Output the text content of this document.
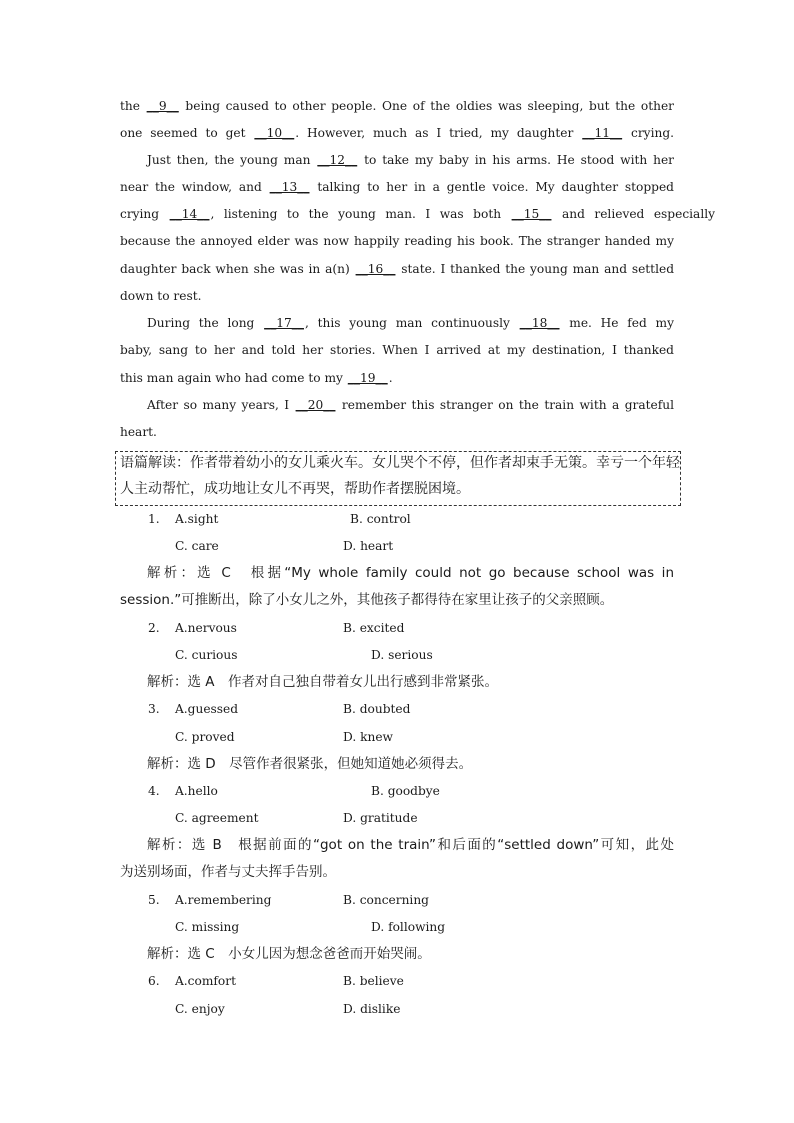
the __9__ being caused to other people. One of the oldies was sleeping, but the other
one seemed to get __10__. However, much as I tried, my daughter __11__ crying.
Just then, the young man __12__ to take my baby in his arms. He stood with her
near the window, and __13__ talking to her in a gentle voice. My daughter stopped
crying __14__, listening to the young man. I was both __15__ and relieved especially
because the annoyed elder was now happily reading his book. The stranger handed my
daughter back when she was in a(n) __16__ state. I thanked the young man and settled
down to rest.
During the long __17__, this young man continuously __18__ me. He fed my
baby, sang to her and told her stories. When I arrived at my destination, I thanked
this man again who had come to my __19__.
After so many years, I __20__ remember this stranger on the train with a grateful
heart.
语篇解读：作者带着幼小的女儿乘火车。女儿哭个不停，但作者却束手无策。幸亏一个年轻
人主动帮忙，成功地让女儿不再哭，帮助作者摆脱困境。
1. A.sight	B. control
C. care	D. heart
解析：选 C　根据“My whole family could not go because school was in
session.”可推断出，除了小女儿之外，其他孩子都得待在家里让孩子的父亲照顾。
2. A.nervous	B. excited
C. curious	D. serious
解析：选 A　作者对自己独自带着女儿出行感到非常紧张。
3. A.guessed	B. doubted
C. proved	D. knew
解析：选 D　尽管作者很紧张，但她知道她必须得去。
4. A.hello	B. goodbye
C. agreement	D. gratitude
解析：选 B　根据前面的“got on the train”和后面的“settled down”可知，此处
为送别场面，作者与丈夫挥手告别。
5. A.remembering	B. concerning
C. missing	D. following
解析：选 C　小女儿因为想念爸爸而开始哭闹。
6. A.comfort	B. believe
C. enjoy	D. dislike
